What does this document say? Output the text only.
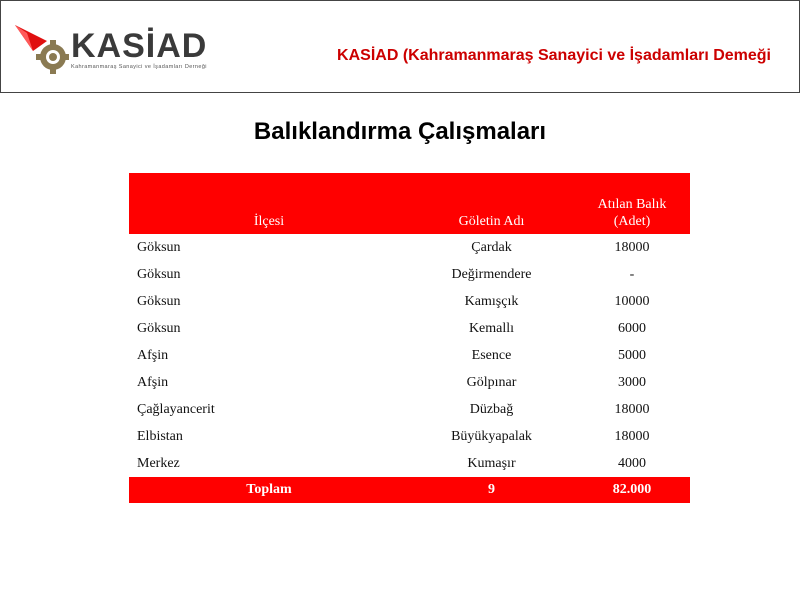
KASİAD
Kahramanmaraş Sanayici ve İşadamları Derneği
KASİAD (Kahramanmaraş Sanayici ve İşadamları Demeği
Balıklandırma Çalışmaları
İlçesi	Göletin Adı	Atılan Balık
(Adet)
Göksun	Çardak	18000
Göksun	Değirmendere	-
Göksun	Kamışçık	10000
Göksun	Kemallı	6000
Afşin	Esence	5000
Afşin	Gölpınar	3000
Çağlayancerit	Düzbağ	18000
Elbistan	Büyükyapalak	18000
Merkez	Kumaşır	4000
Toplam	9	82.000
